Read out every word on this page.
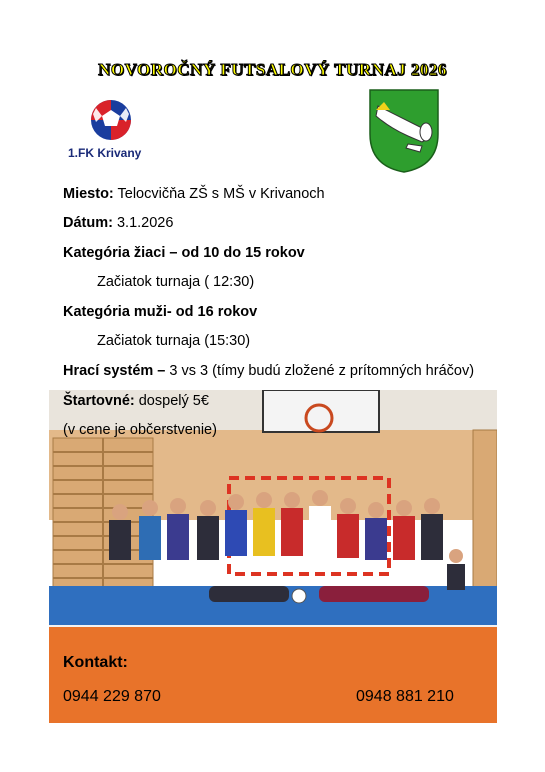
NOVOROČNÝ FUTSALOVÝ TURNAJ 2026
1.FK Krivany
Miesto: Telocvičňa ZŠ s MŠ v Krivanoch
Dátum: 3.1.2026
Kategória žiaci – od 10 do 15 rokov
Začiatok turnaja ( 12:30)
Kategória muži- od 16 rokov
Začiatok turnaja (15:30)
Hrací systém – 3 vs 3 (tímy budú zložené z prítomných hráčov)
Štartovné: dospelý 5€
(v cene je občerstvenie)
Kontakt:
0944 229 870	0948 881 210
